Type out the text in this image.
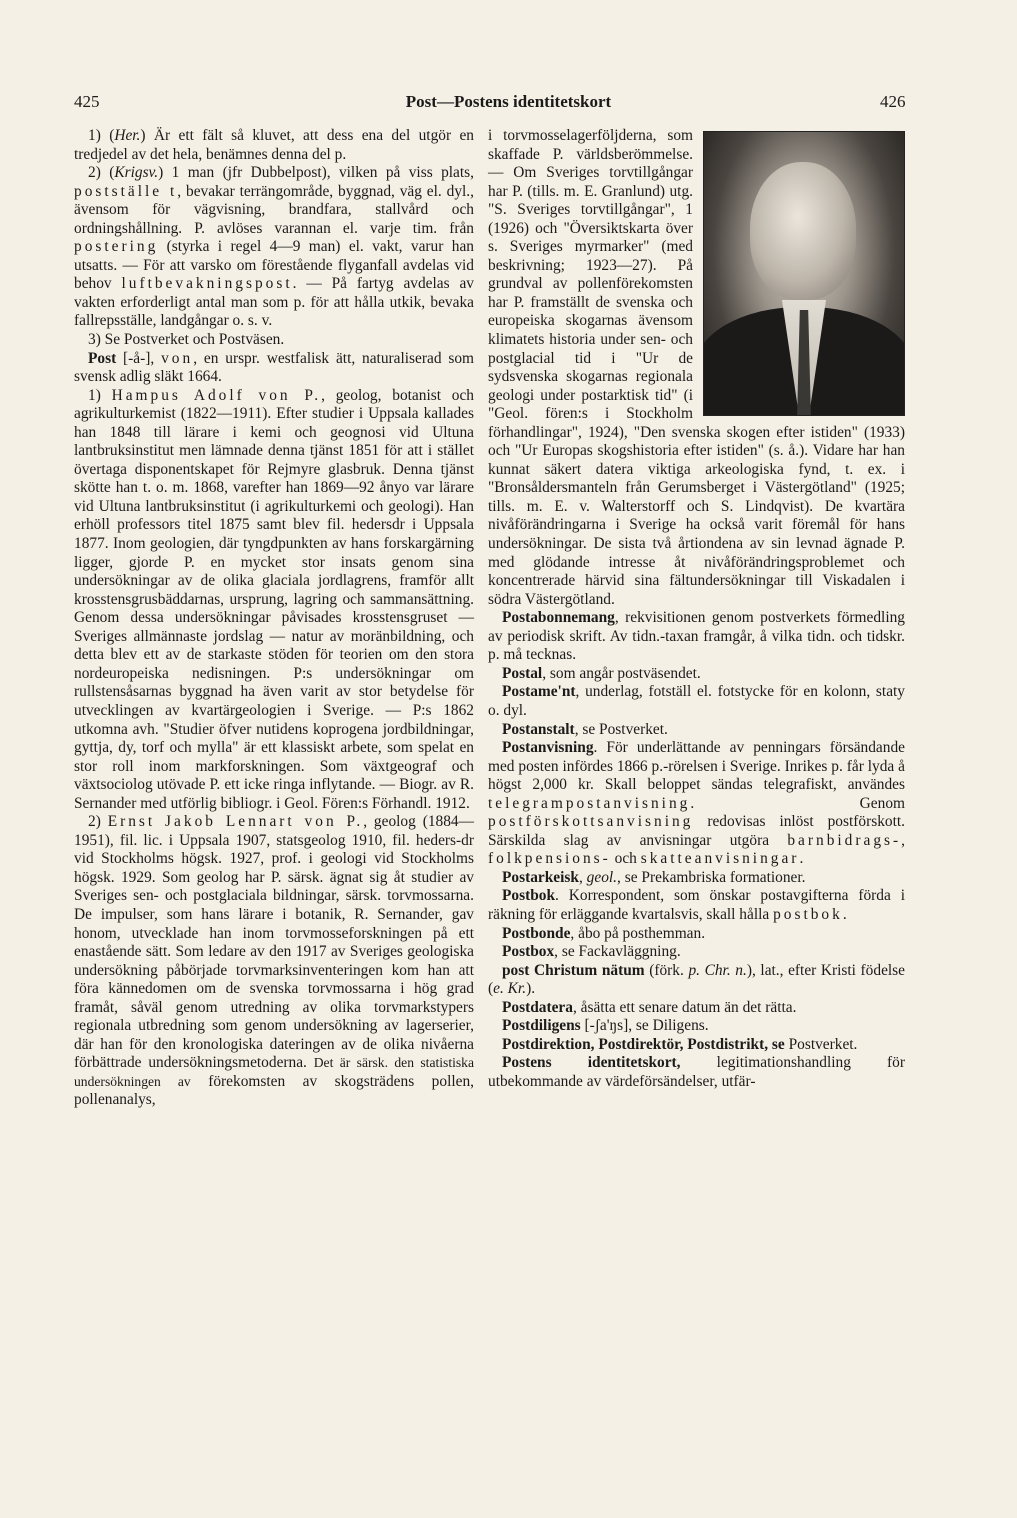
425	Post—Postens identitetskort	426

1) (Her.) Är ett fält så kluvet, att dess ena del utgör en tredjedel av det hela, benämnes denna del p.

2) (Krigsv.) 1 man (jfr Dubbelpost), vilken på viss plats, postställe t, bevakar terrängområde, byggnad, väg el. dyl., ävensom för vägvisning, brandfara, stallvård och ordningshållning. P. avlöses varannan el. varje tim. från postering (styrka i regel 4—9 man) el. vakt, varur han utsatts. — För att varsko om förestående flyganfall avdelas vid behov luftbevakningspost. — På fartyg avdelas av vakten erforderligt antal man som p. för att hålla utkik, bevaka fallrepsställe, landgångar o. s. v.

3) Se Postverket och Postväsen.

Post [-å-], von, en urspr. westfalisk ätt, naturaliserad som svensk adlig släkt 1664.

1) Hampus Adolf von P., geolog, botanist och agrikulturkemist (1822—1911). Efter studier i Uppsala kallades han 1848 till lärare i kemi och geognosi vid Ultuna lantbruksinstitut men lämnade denna tjänst 1851 för att i stället övertaga disponentskapet för Rejmyre glasbruk. Denna tjänst skötte han t. o. m. 1868, varefter han 1869—92 ånyo var lärare vid Ultuna lantbruksinstitut (i agrikulturkemi och geologi). Han erhöll professors titel 1875 samt blev fil. hedersdr i Uppsala 1877. Inom geologien, där tyngdpunkten av hans forskargärning ligger, gjorde P. en mycket stor insats genom sina undersökningar av de olika glaciala jordlagrens, framför allt krosstensgrusbäddarnas, ursprung, lagring och sammansättning. Genom dessa undersökningar påvisades krosstensgruset — Sveriges allmännaste jordslag — natur av moränbildning, och detta blev ett av de starkaste stöden för teorien om den stora nordeuropeiska nedisningen. P:s undersökningar om rullstensåsarnas byggnad ha även varit av stor betydelse för utvecklingen av kvartärgeologien i Sverige. — P:s 1862 utkomna avh. "Studier öfver nutidens koprogena jordbildningar, gyttja, dy, torf och mylla" är ett klassiskt arbete, som spelat en stor roll inom markforskningen. Som växtgeograf och växtsociolog utövade P. ett icke ringa inflytande. — Biogr. av R. Sernander med utförlig bibliogr. i Geol. Fören:s Förhandl. 1912.

2) Ernst Jakob Lennart von P., geolog (1884—1951), fil. lic. i Uppsala 1907, statsgeolog 1910, fil. heders-dr vid Stockholms högsk. 1927, prof. i geologi vid Stockholms högsk. 1929. Som geolog har P. särsk. ägnat sig åt studier av Sveriges sen- och postglaciala bildningar, särsk. torvmossarna. De impulser, som hans lärare i botanik, R. Sernander, gav honom, utvecklade han inom torvmosseforskningen på ett enastående sätt. Som ledare av den 1917 av Sveriges geologiska undersökning påbörjade torvmarksinventeringen kom han att föra kännedomen om de svenska torvmossarna i hög grad framåt, såväl genom utredning av olika torvmarkstypers regionala utbredning som genom undersökning av lagerserier, där han för den kronologiska dateringen av de olika nivåerna förbättrade undersökningsmetoderna. Det är särsk. den statistiska undersökningen av förekomsten av skogsträdens pollen, pollenanalys,

i torvmosselagerföljderna, som skaffade P. världsberömmelse. — Om Sveriges torvtillgångar har P. (tills. m. E. Granlund) utg. "S. Sveriges torvtillgångar", 1 (1926) och "Översiktskarta över s. Sveriges myrmarker" (med beskrivning; 1923—27). På grundval av pollenförekomsten har P. framställt de svenska och europeiska skogarnas ävensom klimatets historia under sen- och postglacial tid i "Ur de sydsvenska skogarnas regionala geologi under postarktisk tid" (i "Geol. fören:s i Stockholm förhandlingar", 1924), "Den svenska skogen efter istiden" (1933) och "Ur Europas skogshistoria efter istiden" (s. å.). Vidare har han kunnat säkert datera viktiga arkeologiska fynd, t. ex. i "Bronsåldersmanteln från Gerumsberget i Västergötland" (1925; tills. m. E. v. Walterstorff och S. Lindqvist). De kvartära nivåförändringarna i Sverige ha också varit föremål för hans undersökningar. De sista två årtiondena av sin levnad ägnade P. med glödande intresse åt nivåförändringsproblemet och koncentrerade härvid sina fältundersökningar till Viskadalen i södra Västergötland.

Postabonnemang, rekvisitionen genom postverkets förmedling av periodisk skrift. Av tidn.-taxan framgår, å vilka tidn. och tidskr. p. må tecknas.

Postal, som angår postväsendet.

Postame'nt, underlag, fotställ el. fotstycke för en kolonn, staty o. dyl.

Postanstalt, se Postverket.

Postanvisning. För underlättande av penningars försändande med posten infördes 1866 p.-rörelsen i Sverige. Inrikes p. får lyda å högst 2,000 kr. Skall beloppet sändas telegrafiskt, användes telegrampostanvisning. Genom postförskottsanvisning redovisas inlöst postförskott. Särskilda slag av anvisningar utgöra barnbidrags-, folkpensions- och skatteanvisningar.

Postarkeisk, geol., se Prekambriska formationer.

Postbok. Korrespondent, som önskar postavgifterna förda i räkning för erläggande kvartalsvis, skall hålla postbok.

Postbonde, åbo på posthemman.

Postbox, se Fackavläggning.

post Christum nätum (förk. p. Chr. n.), lat., efter Kristi födelse (e. Kr.).

Postdatera, åsätta ett senare datum än det rätta.

Postdiligens [-ʃa'ŋs], se Diligens.

Postdirektion, Postdirektör, Postdistrikt, se Postverket.

Postens identitetskort, legitimationshandling för utbekommande av värdeförsändelser, utfär-
